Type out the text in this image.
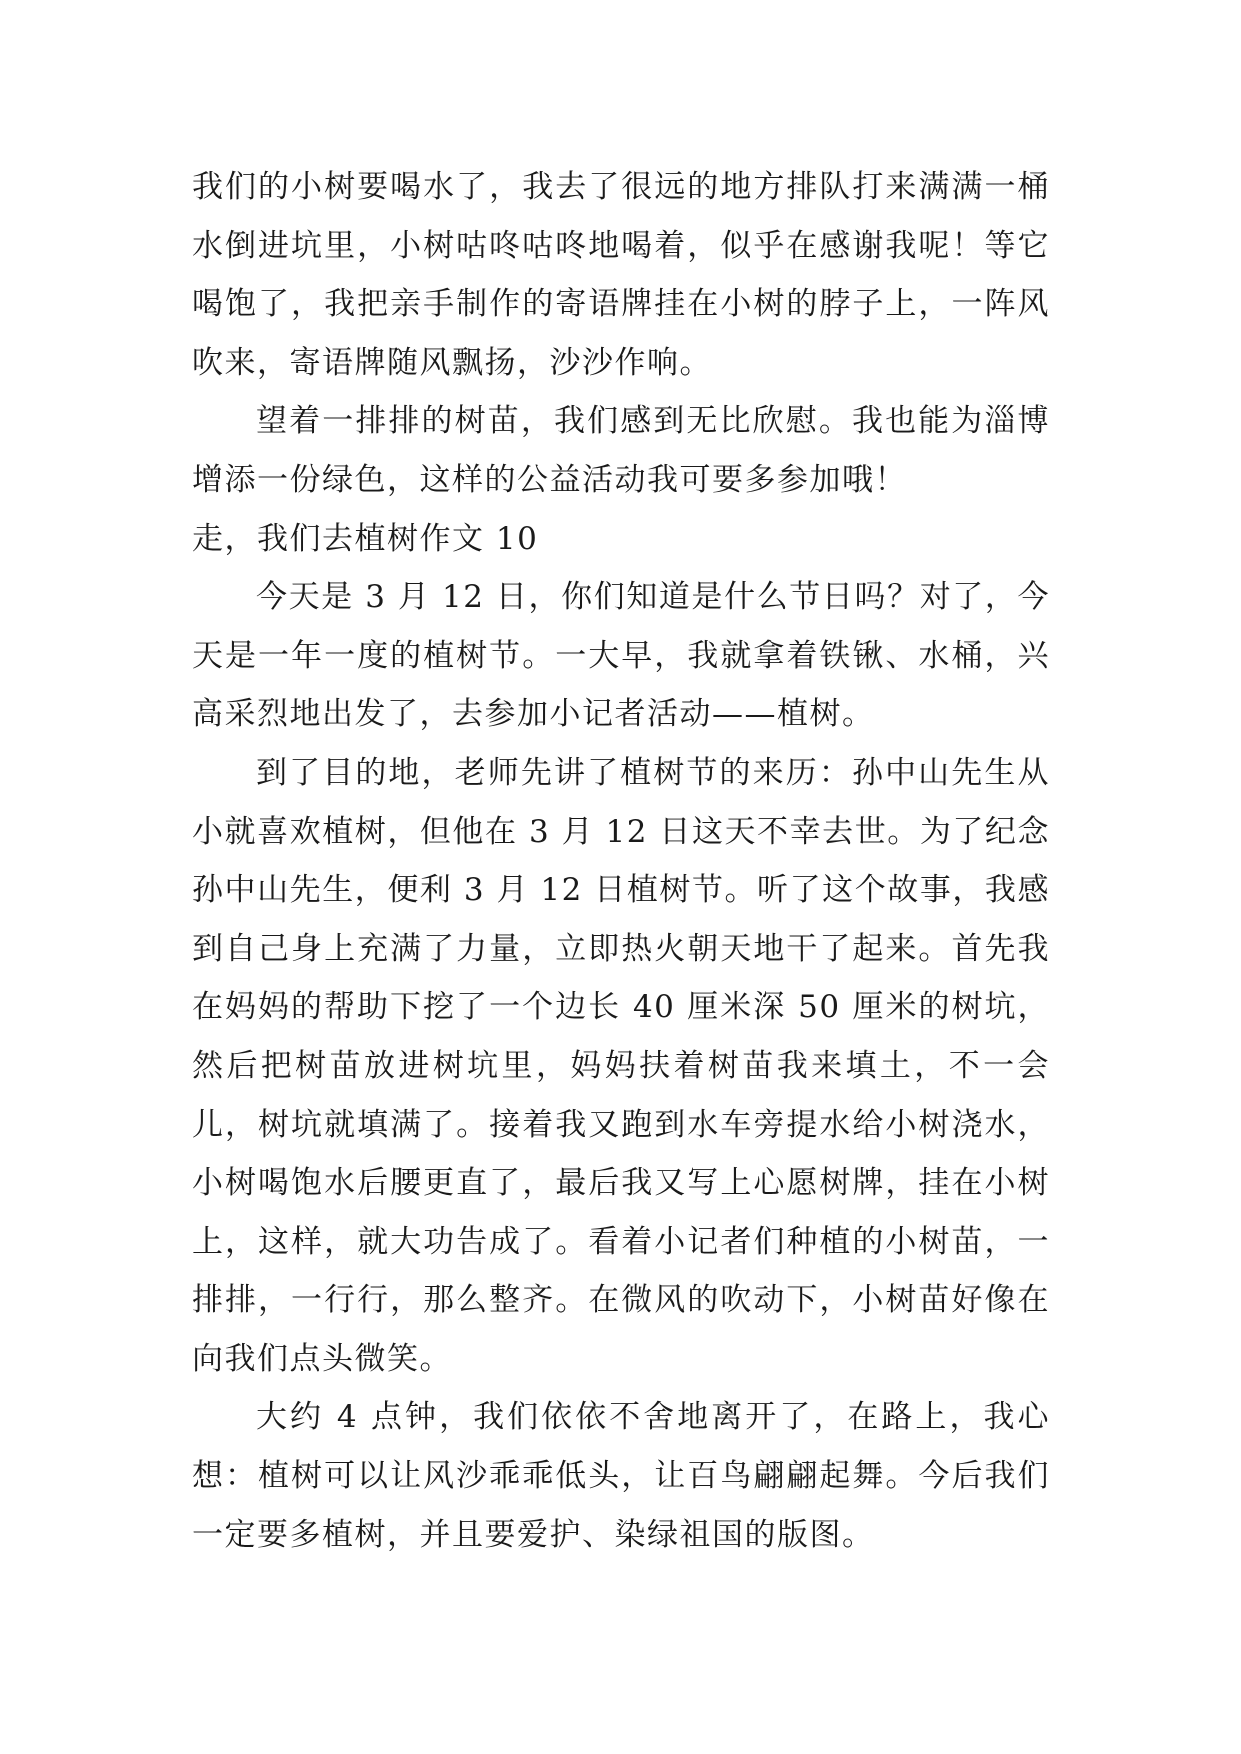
我们的小树要喝水了，我去了很远的地方排队打来满满一桶水倒进坑里，小树咕咚咕咚地喝着，似乎在感谢我呢！等它喝饱了，我把亲手制作的寄语牌挂在小树的脖子上，一阵风吹来，寄语牌随风飘扬，沙沙作响。

望着一排排的树苗，我们感到无比欣慰。我也能为淄博增添一份绿色，这样的公益活动我可要多参加哦！

走，我们去植树作文 10

今天是 3 月 12 日，你们知道是什么节日吗？对了，今天是一年一度的植树节。一大早，我就拿着铁锹、水桶，兴高采烈地出发了，去参加小记者活动——植树。

到了目的地，老师先讲了植树节的来历：孙中山先生从小就喜欢植树，但他在 3 月 12 日这天不幸去世。为了纪念孙中山先生，便利 3 月 12 日植树节。听了这个故事，我感到自己身上充满了力量，立即热火朝天地干了起来。首先我在妈妈的帮助下挖了一个边长 40 厘米深 50 厘米的树坑，然后把树苗放进树坑里，妈妈扶着树苗我来填土，不一会儿，树坑就填满了。接着我又跑到水车旁提水给小树浇水，小树喝饱水后腰更直了，最后我又写上心愿树牌，挂在小树上，这样，就大功告成了。看着小记者们种植的小树苗，一排排，一行行，那么整齐。在微风的吹动下，小树苗好像在向我们点头微笑。

大约 4 点钟，我们依依不舍地离开了，在路上，我心想：植树可以让风沙乖乖低头，让百鸟翩翩起舞。今后我们一定要多植树，并且要爱护、染绿祖国的版图。
